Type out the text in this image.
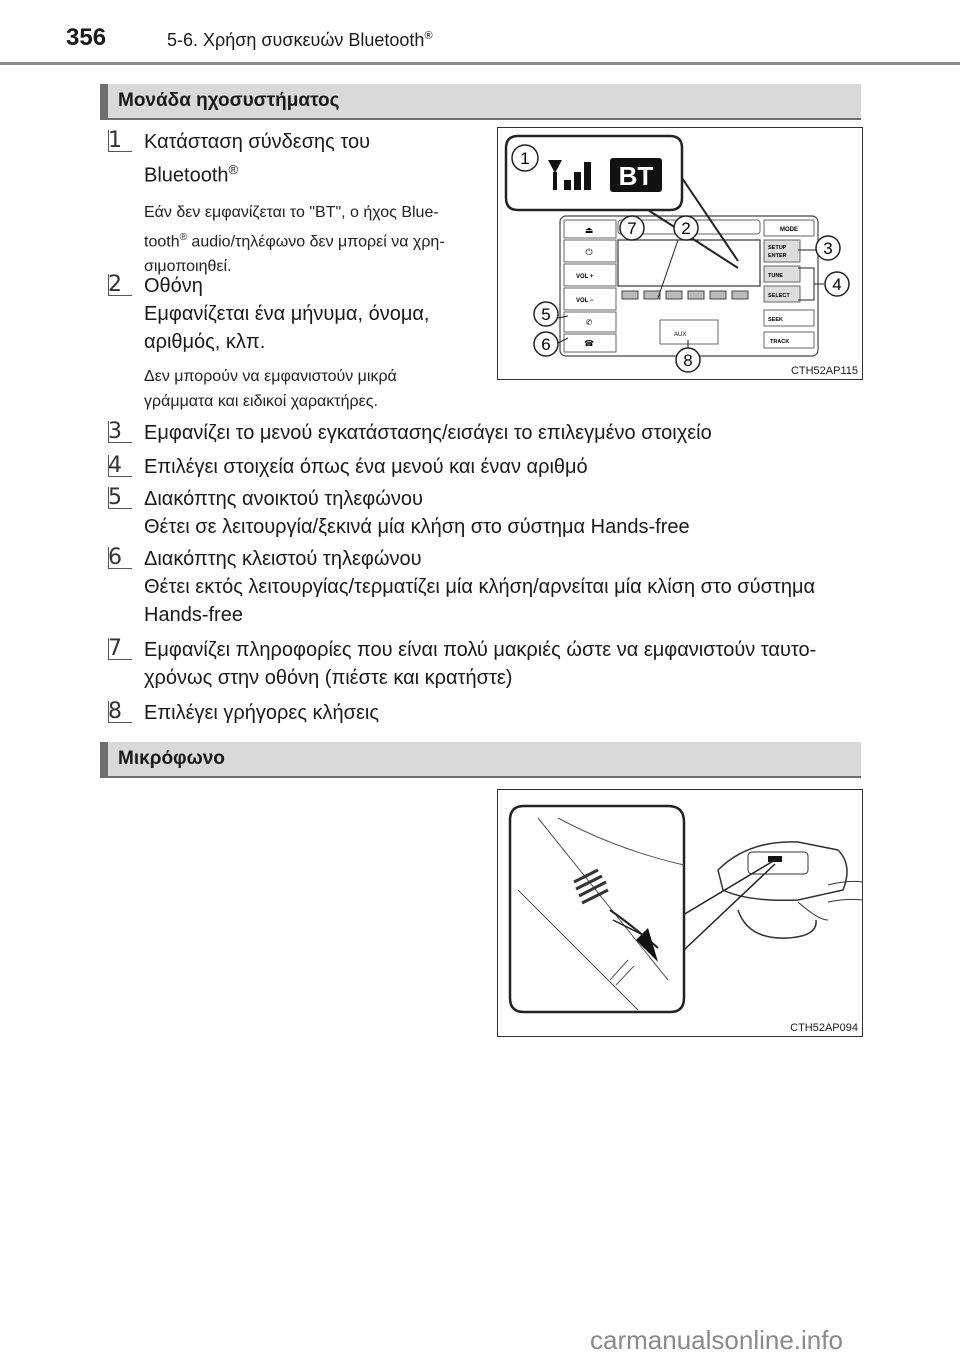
356	5-6. Χρήση συσκευών Bluetooth®
Μονάδα ηχοσυστήματος
1	Κατάσταση σύνδεσης του
Bluetooth®
Εάν δεν εμφανίζεται το "BT", ο ήχος Blue-
tooth® audio/τηλέφωνο δεν μπορεί να χρη-
σιμοποιηθεί.
2	Οθόνη
Εμφανίζεται ένα μήνυμα, όνομα,
αριθμός, κλπ.
Δεν μπορούν να εμφανιστούν μικρά
γράμματα και ειδικοί χαρακτήρες.
3	Εμφανίζει το μενού εγκατάστασης/εισάγει το επιλεγμένο στοιχείο
4	Επιλέγει στοιχεία όπως ένα μενού και έναν αριθμό
5	Διακόπτης ανοικτού τηλεφώνου
Θέτει σε λειτουργία/ξεκινά μία κλήση στο σύστημα Hands-free
6	Διακόπτης κλειστού τηλεφώνου
Θέτει εκτός λειτουργίας/τερματίζει μία κλήση/αρνείται μία κλίση στο σύστημα
Hands-free
7	Εμφανίζει πληροφορίες που είναι πολύ μακριές ώστε να εμφανιστούν ταυτο-
χρόνως στην οθόνη (πιέστε και κρατήστε)
8	Επιλέγει γρήγορες κλήσεις
⏏
⏻
VOL +
VOL −
✆
☎
AUX
MODE
SETUP
ENTER
TUNE
SELECT
SEEK
TRACK
BT
1
2
3
4
5
6
7
8
CTH52AP115
Μικρόφωνο
CTH52AP094
carmanualsonline.info
